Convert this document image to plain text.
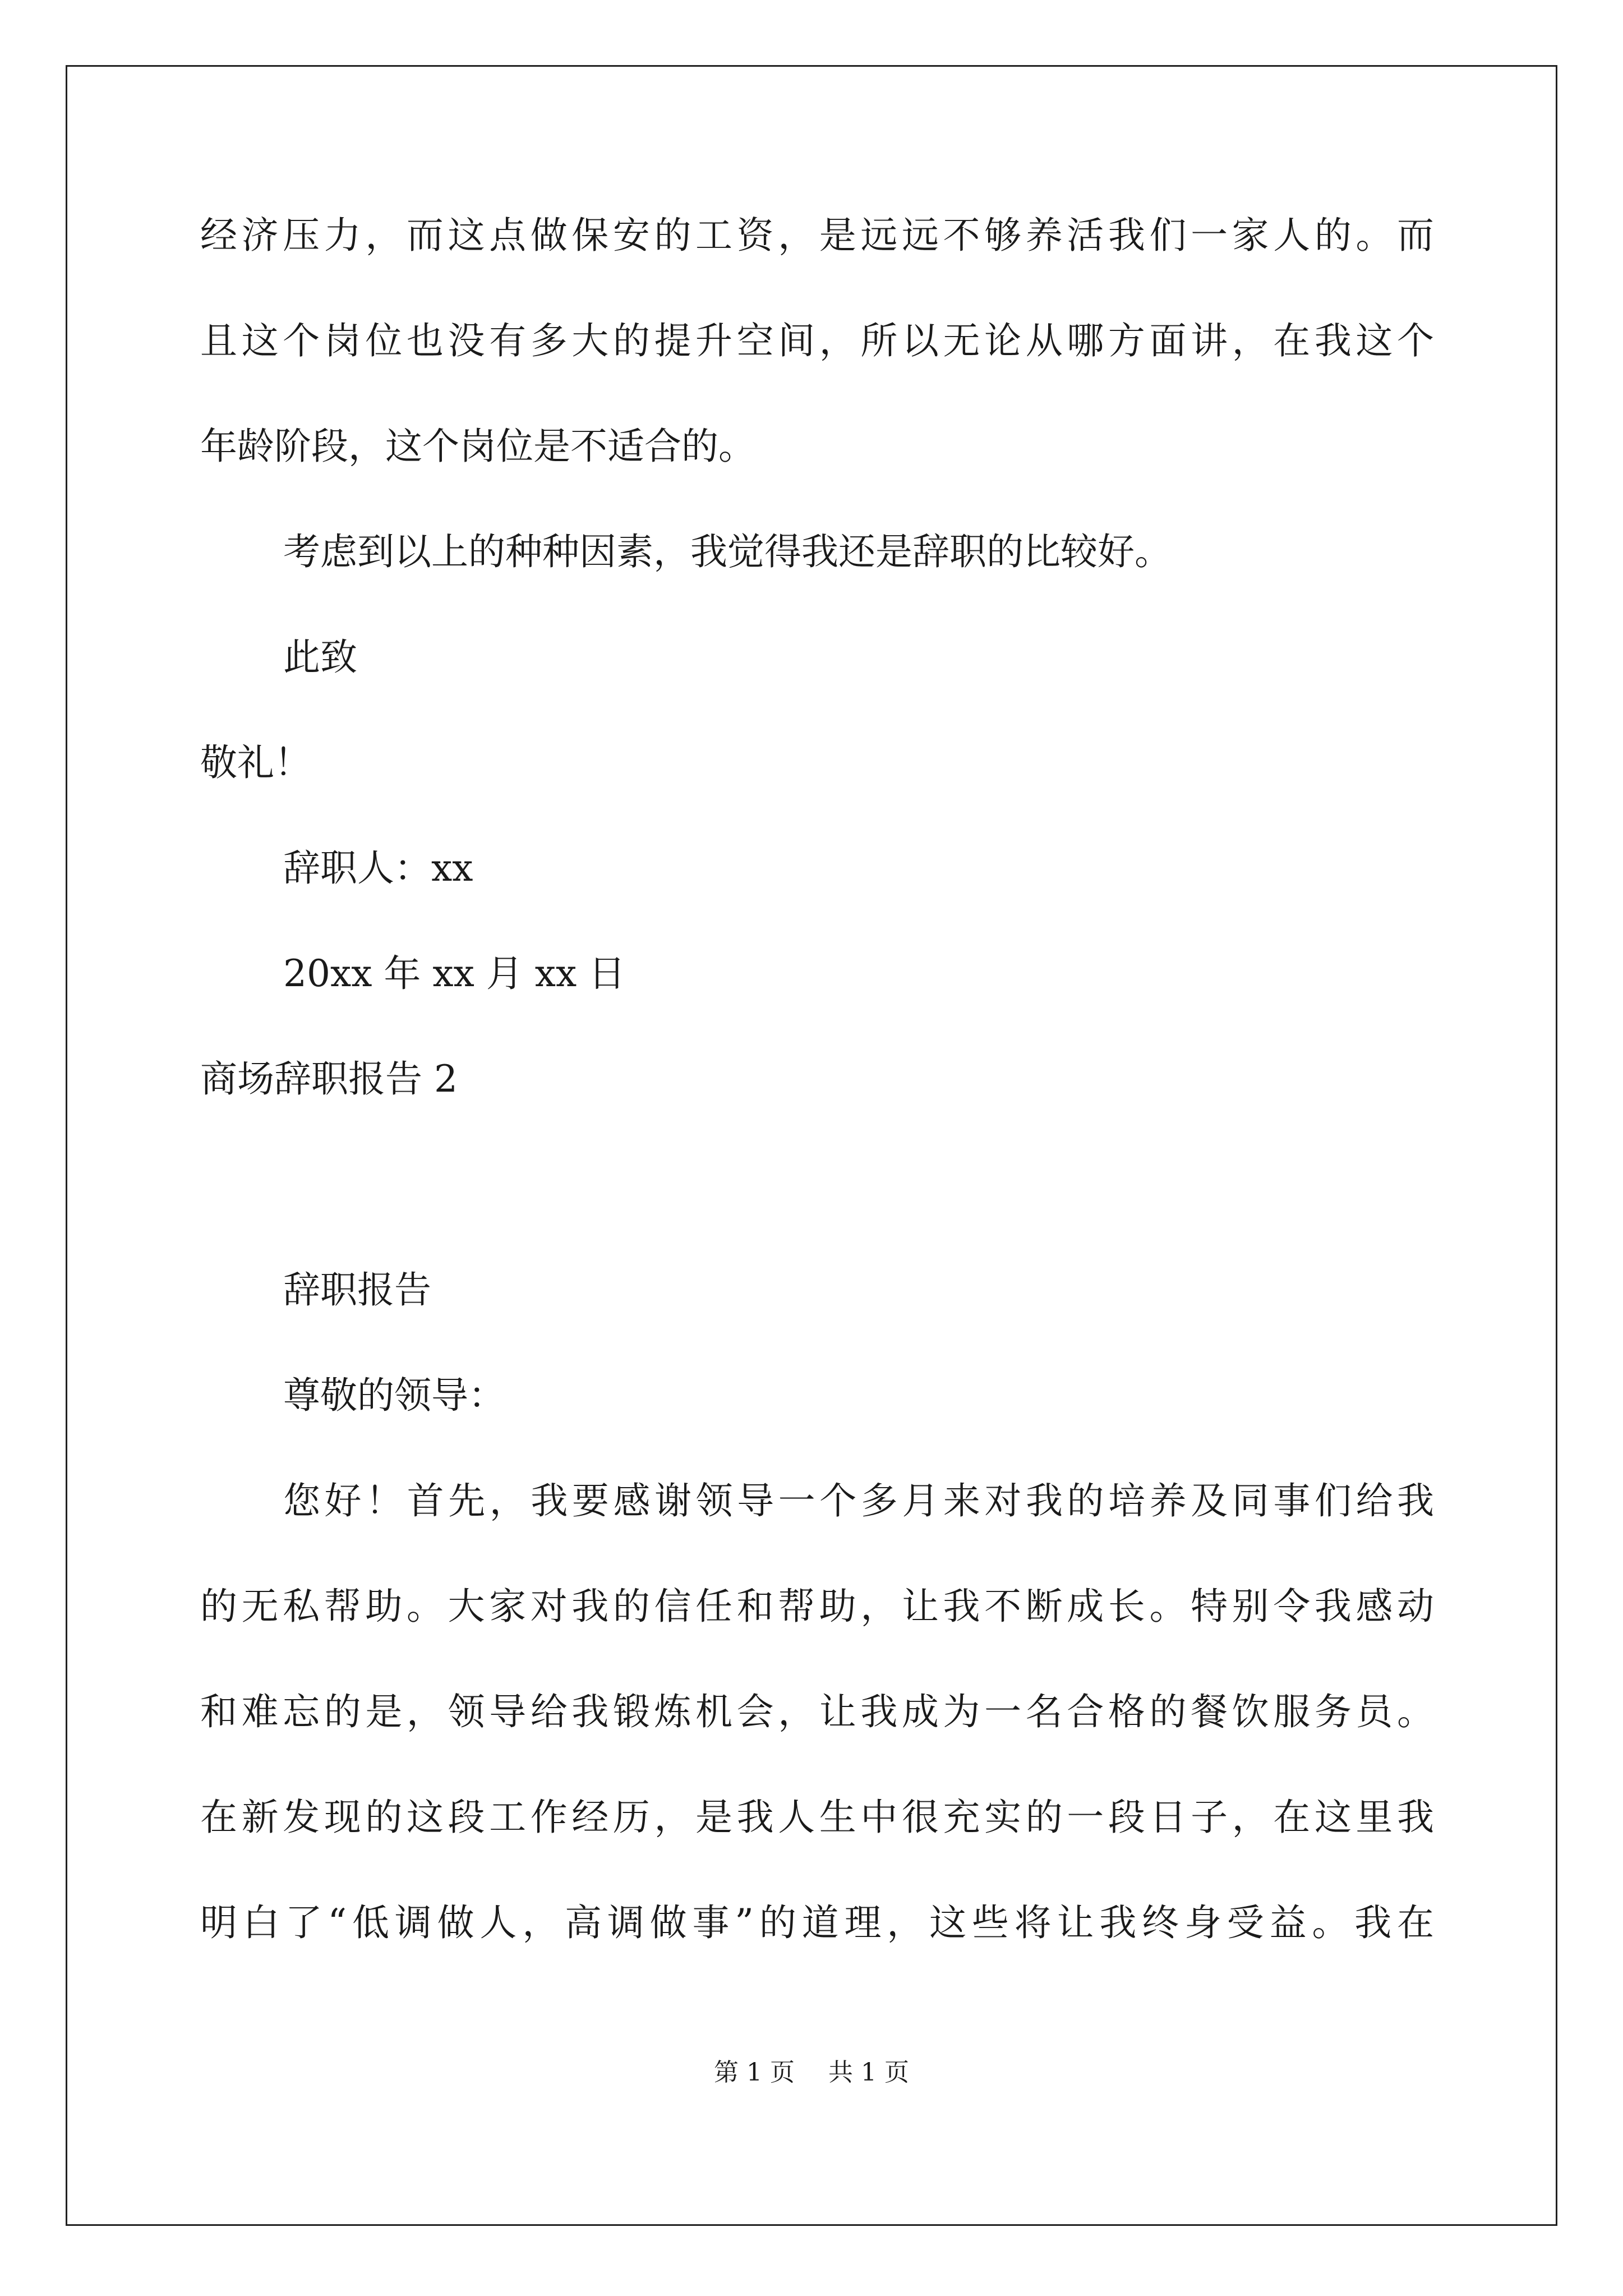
经济压力，而这点做保安的工资，是远远不够养活我们一家人的。而
且这个岗位也没有多大的提升空间，所以无论从哪方面讲，在我这个
年龄阶段，这个岗位是不适合的。
考虑到以上的种种因素，我觉得我还是辞职的比较好。
此致
敬礼！
辞职人：xx
20xx 年 xx 月 xx 日
商场辞职报告 2
辞职报告
尊敬的领导：
您好！首先，我要感谢领导一个多月来对我的培养及同事们给我
的无私帮助。大家对我的信任和帮助，让我不断成长。特别令我感动
和难忘的是，领导给我锻炼机会，让我成为一名合格的餐饮服务员。
在新发现的这段工作经历，是我人生中很充实的一段日子，在这里我
明白了“低调做人，高调做事”的道理，这些将让我终身受益。我在
第 1 页 共 1 页
